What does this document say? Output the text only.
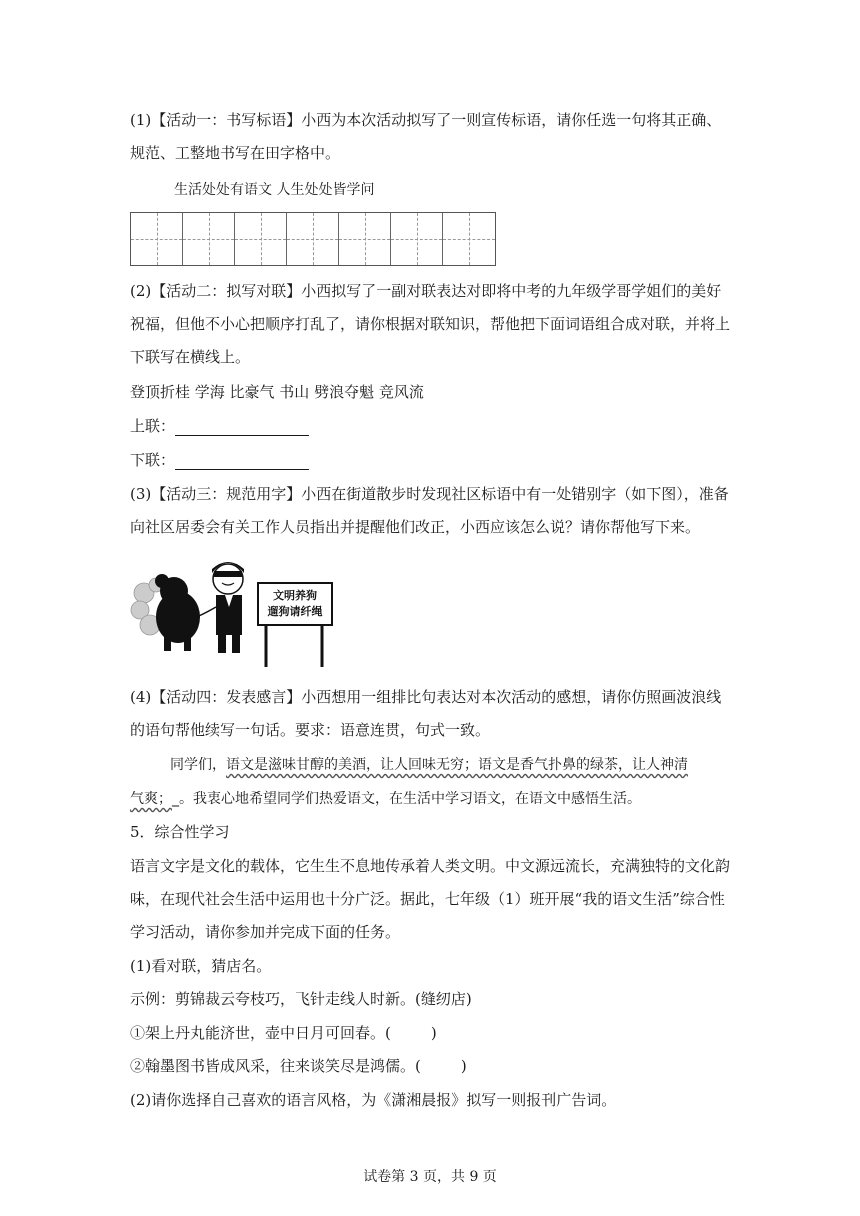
(1)【活动一：书写标语】小西为本次活动拟写了一则宣传标语，请你任选一句将其正确、
规范、工整地书写在田字格中。
生活处处有语文 人生处处皆学问
(2)【活动二：拟写对联】小西拟写了一副对联表达对即将中考的九年级学哥学姐们的美好
祝福，但他不小心把顺序打乱了，请你根据对联知识，帮他把下面词语组合成对联，并将上
下联写在横线上。
登顶折桂 学海 比豪气 书山 劈浪夺魁 竞风流
上联：
下联：
(3)【活动三：规范用字】小西在街道散步时发现社区标语中有一处错别字（如下图），准备
向社区居委会有关工作人员指出并提醒他们改正，小西应该怎么说？请你帮他写下来。
文明养狗
遛狗请纤绳
(4)【活动四：发表感言】小西想用一组排比句表达对本次活动的感想，请你仿照画波浪线
的语句帮他续写一句话。要求：语意连贯，句式一致。
同学们，语文是滋味甘醇的美酒，让人回味无穷；语文是香气扑鼻的绿茶，让人神清
气爽；_。我衷心地希望同学们热爱语文，在生活中学习语文，在语文中感悟生活。
5．综合性学习
语言文字是文化的载体，它生生不息地传承着人类文明。中文源远流长，充满独特的文化韵
味，在现代社会生活中运用也十分广泛。据此，七年级（1）班开展“我的语文生活”综合性
学习活动，请你参加并完成下面的任务。
(1)看对联，猜店名。
示例：剪锦裁云夸枝巧，飞针走线人时新。(缝纫店)
①架上丹丸能济世，壶中日月可回春。(	)
②翰墨图书皆成风采，往来谈笑尽是鸿儒。(	)
(2)请你选择自己喜欢的语言风格，为《潇湘晨报》拟写一则报刊广告词。
试卷第 3 页，共 9 页
